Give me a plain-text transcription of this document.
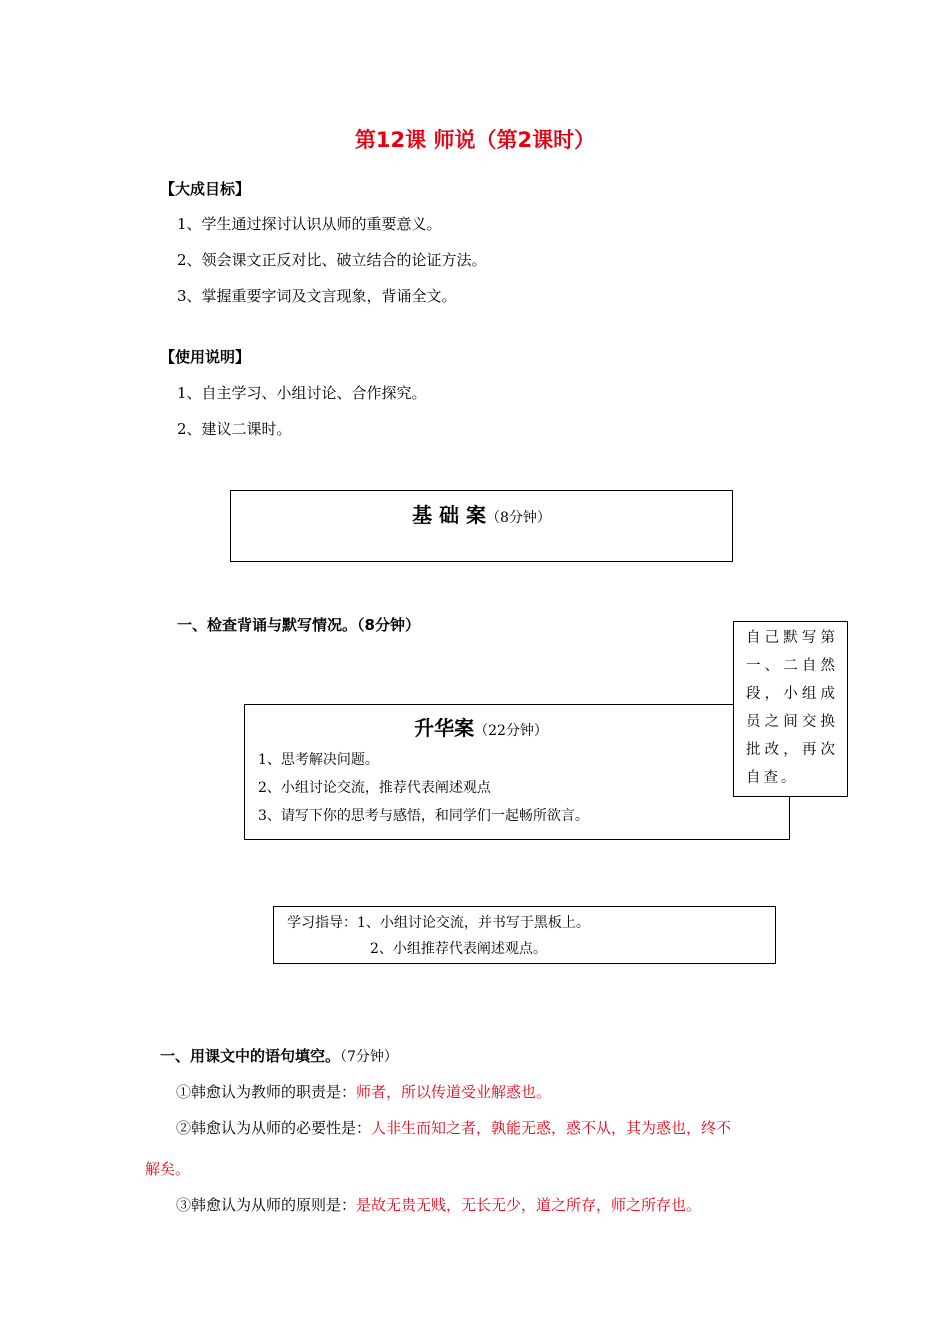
第12课 师说（第2课时）
【大成目标】
1、学生通过探讨认识从师的重要意义。
2、领会课文正反对比、破立结合的论证方法。
3、掌握重要字词及文言现象，背诵全文。
【使用说明】
1、自主学习、小组讨论、合作探究。
2、建议二课时。
基 础 案（8分钟）
一、检查背诵与默写情况。（8分钟）
升华案（22分钟）
1、思考解决问题。
2、小组讨论交流，推荐代表阐述观点
3、请写下你的思考与感悟，和同学们一起畅所欲言。
自己默写第一、二自然段，小组成员之间交换批改，再次自查。
学习指导：1、小组讨论交流，并书写于黑板上。
2、小组推荐代表阐述观点。
一、用课文中的语句填空。（7分钟）
①韩愈认为教师的职责是：师者，所以传道受业解惑也。
②韩愈认为从师的必要性是：人非生而知之者，孰能无惑，惑不从，其为惑也，终不
解矣。
③韩愈认为从师的原则是：是故无贵无贱，无长无少，道之所存，师之所存也。
